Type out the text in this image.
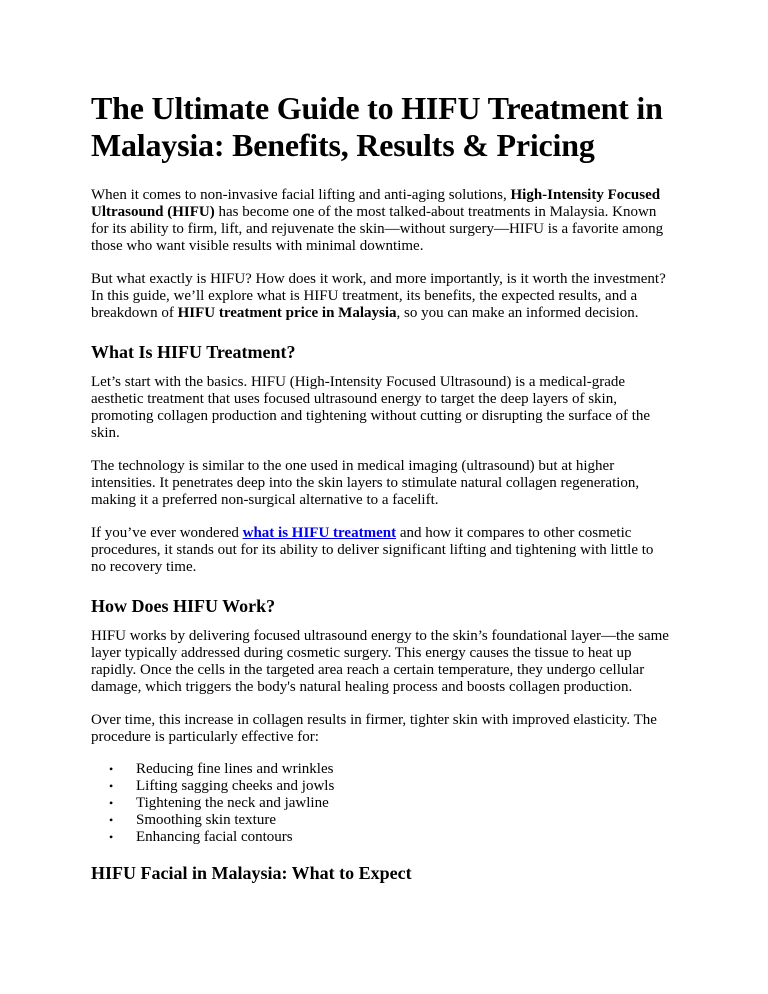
The Ultimate Guide to HIFU Treatment in Malaysia: Benefits, Results & Pricing

When it comes to non-invasive facial lifting and anti-aging solutions, High-Intensity Focused Ultrasound (HIFU) has become one of the most talked-about treatments in Malaysia. Known for its ability to firm, lift, and rejuvenate the skin—without surgery—HIFU is a favorite among those who want visible results with minimal downtime.

But what exactly is HIFU? How does it work, and more importantly, is it worth the investment? In this guide, we’ll explore what is HIFU treatment, its benefits, the expected results, and a breakdown of HIFU treatment price in Malaysia, so you can make an informed decision.

What Is HIFU Treatment?

Let’s start with the basics. HIFU (High-Intensity Focused Ultrasound) is a medical-grade aesthetic treatment that uses focused ultrasound energy to target the deep layers of skin, promoting collagen production and tightening without cutting or disrupting the surface of the skin.

The technology is similar to the one used in medical imaging (ultrasound) but at higher intensities. It penetrates deep into the skin layers to stimulate natural collagen regeneration, making it a preferred non-surgical alternative to a facelift.

If you’ve ever wondered what is HIFU treatment and how it compares to other cosmetic procedures, it stands out for its ability to deliver significant lifting and tightening with little to no recovery time.

How Does HIFU Work?

HIFU works by delivering focused ultrasound energy to the skin’s foundational layer—the same layer typically addressed during cosmetic surgery. This energy causes the tissue to heat up rapidly. Once the cells in the targeted area reach a certain temperature, they undergo cellular damage, which triggers the body's natural healing process and boosts collagen production.

Over time, this increase in collagen results in firmer, tighter skin with improved elasticity. The procedure is particularly effective for:

• Reducing fine lines and wrinkles
• Lifting sagging cheeks and jowls
• Tightening the neck and jawline
• Smoothing skin texture
• Enhancing facial contours
HIFU Facial in Malaysia: What to Expect
